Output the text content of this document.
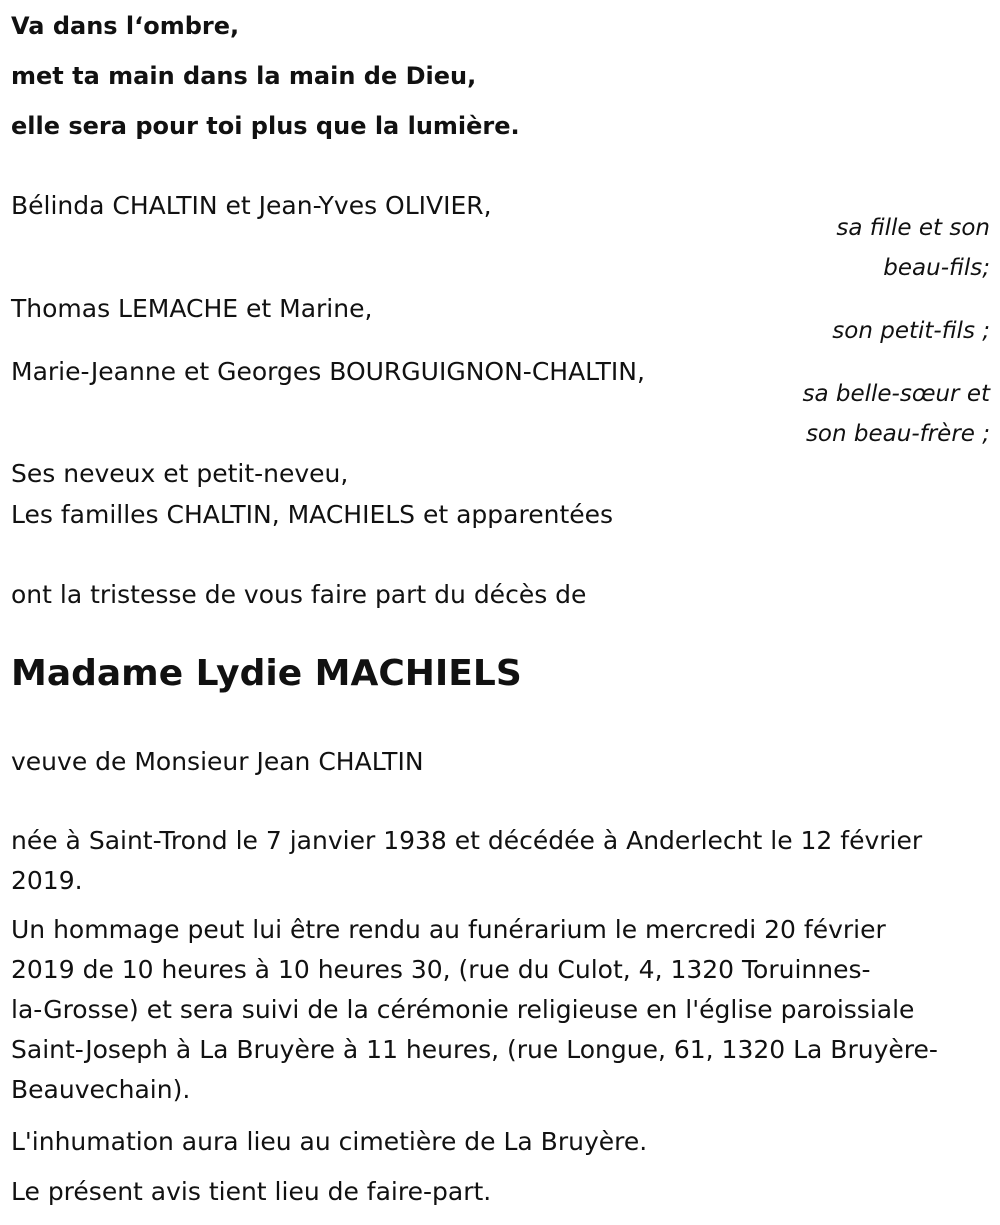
Va dans l‘ombre,

met ta main dans la main de Dieu,

elle sera pour toi plus que la lumière.

Bélinda CHALTIN et Jean-Yves OLIVIER,

sa fille et son

beau-fils;

Thomas LEMACHE et Marine,

son petit-fils ;

Marie-Jeanne et Georges BOURGUIGNON-CHALTIN,

sa belle-sœur et

son beau-frère ;

Ses neveux et petit-neveu,

Les familles CHALTIN, MACHIELS et apparentées

ont la tristesse de vous faire part du décès de

Madame Lydie MACHIELS

veuve de Monsieur Jean CHALTIN

née à Saint-Trond le 7 janvier 1938 et décédée à Anderlecht le 12 février
2019.

Un hommage peut lui être rendu au funérarium le mercredi 20 février
2019 de 10 heures à 10 heures 30, (rue du Culot, 4, 1320 Toruinnes-
la-Grosse) et sera suivi de la cérémonie religieuse en l'église paroissiale
Saint-Joseph à La Bruyère à 11 heures, (rue Longue, 61, 1320 La Bruyère-
Beauvechain).

L'inhumation aura lieu au cimetière de La Bruyère.

Le présent avis tient lieu de faire-part.
